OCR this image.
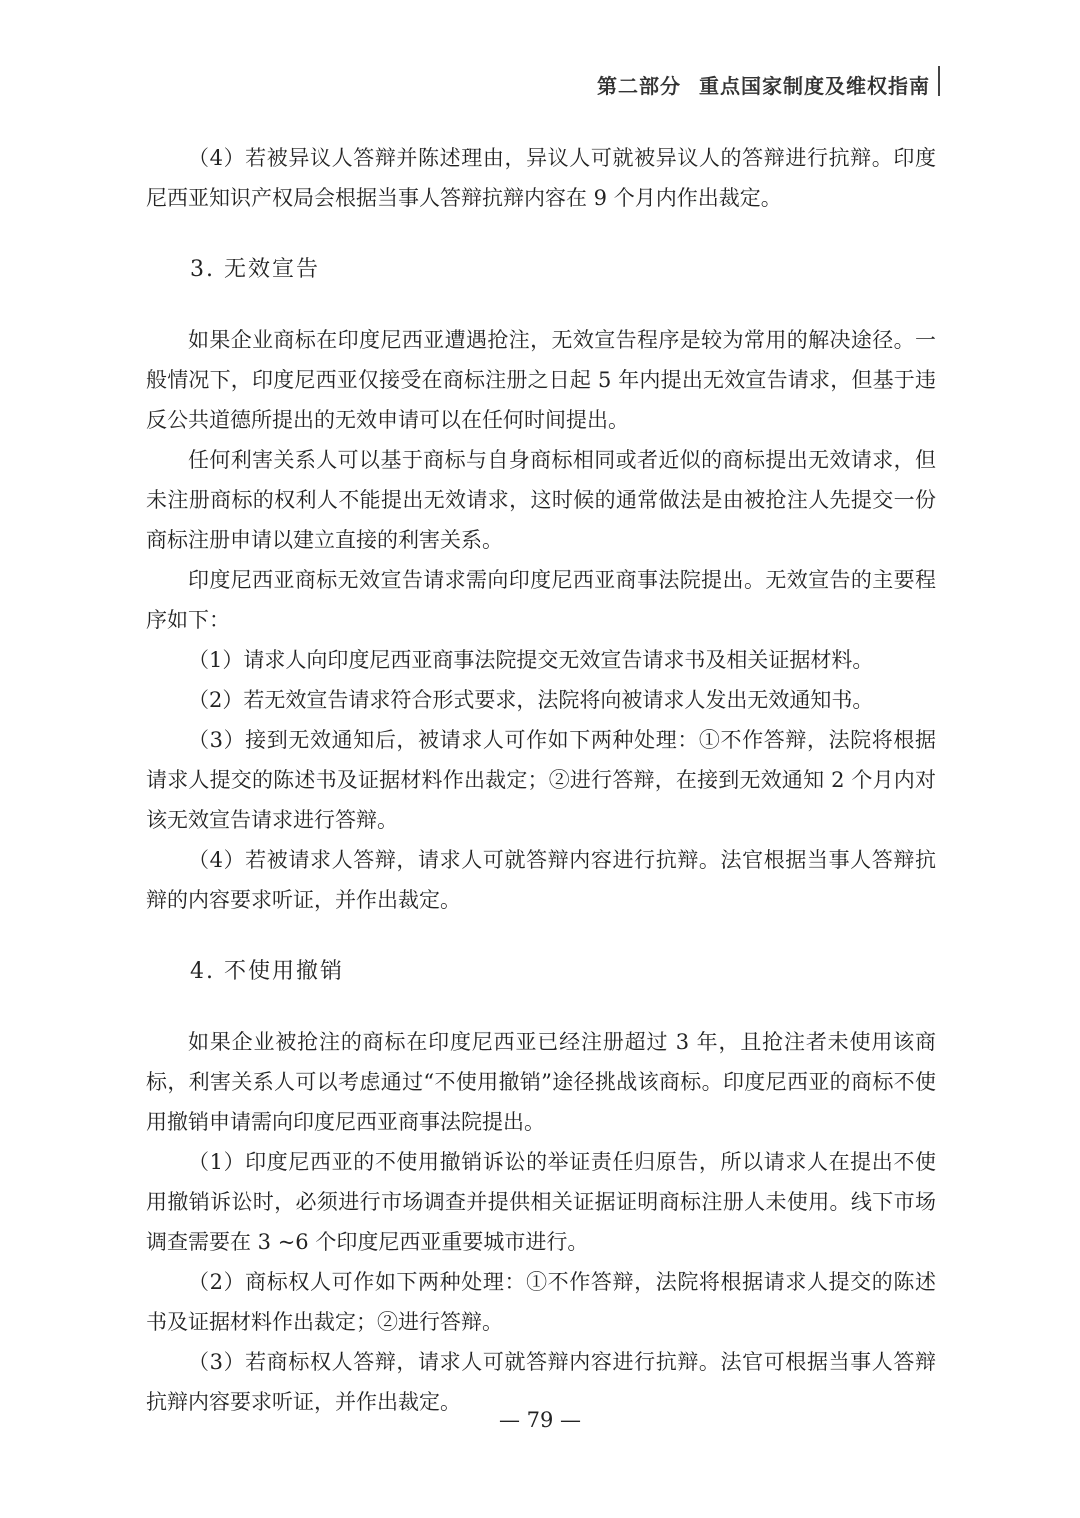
第二部分 重点国家制度及维权指南

（4）若被异议人答辩并陈述理由，异议人可就被异议人的答辩进行抗辩。印度尼西亚知识产权局会根据当事人答辩抗辩内容在 9 个月内作出裁定。

3. 无效宣告

如果企业商标在印度尼西亚遭遇抢注，无效宣告程序是较为常用的解决途径。一般情况下，印度尼西亚仅接受在商标注册之日起 5 年内提出无效宣告请求，但基于违反公共道德所提出的无效申请可以在任何时间提出。

任何利害关系人可以基于商标与自身商标相同或者近似的商标提出无效请求，但未注册商标的权利人不能提出无效请求，这时候的通常做法是由被抢注人先提交一份商标注册申请以建立直接的利害关系。

印度尼西亚商标无效宣告请求需向印度尼西亚商事法院提出。无效宣告的主要程序如下：

（1）请求人向印度尼西亚商事法院提交无效宣告请求书及相关证据材料。

（2）若无效宣告请求符合形式要求，法院将向被请求人发出无效通知书。

（3）接到无效通知后，被请求人可作如下两种处理：①不作答辩，法院将根据请求人提交的陈述书及证据材料作出裁定；②进行答辩，在接到无效通知 2 个月内对该无效宣告请求进行答辩。

（4）若被请求人答辩，请求人可就答辩内容进行抗辩。法官根据当事人答辩抗辩的内容要求听证，并作出裁定。

4. 不使用撤销

如果企业被抢注的商标在印度尼西亚已经注册超过 3 年，且抢注者未使用该商标，利害关系人可以考虑通过“不使用撤销”途径挑战该商标。印度尼西亚的商标不使用撤销申请需向印度尼西亚商事法院提出。

（1）印度尼西亚的不使用撤销诉讼的举证责任归原告，所以请求人在提出不使用撤销诉讼时，必须进行市场调查并提供相关证据证明商标注册人未使用。线下市场调查需要在 3 ~6 个印度尼西亚重要城市进行。

（2）商标权人可作如下两种处理：①不作答辩，法院将根据请求人提交的陈述书及证据材料作出裁定；②进行答辩。

（3）若商标权人答辩，请求人可就答辩内容进行抗辩。法官可根据当事人答辩抗辩内容要求听证，并作出裁定。

— 79 —
